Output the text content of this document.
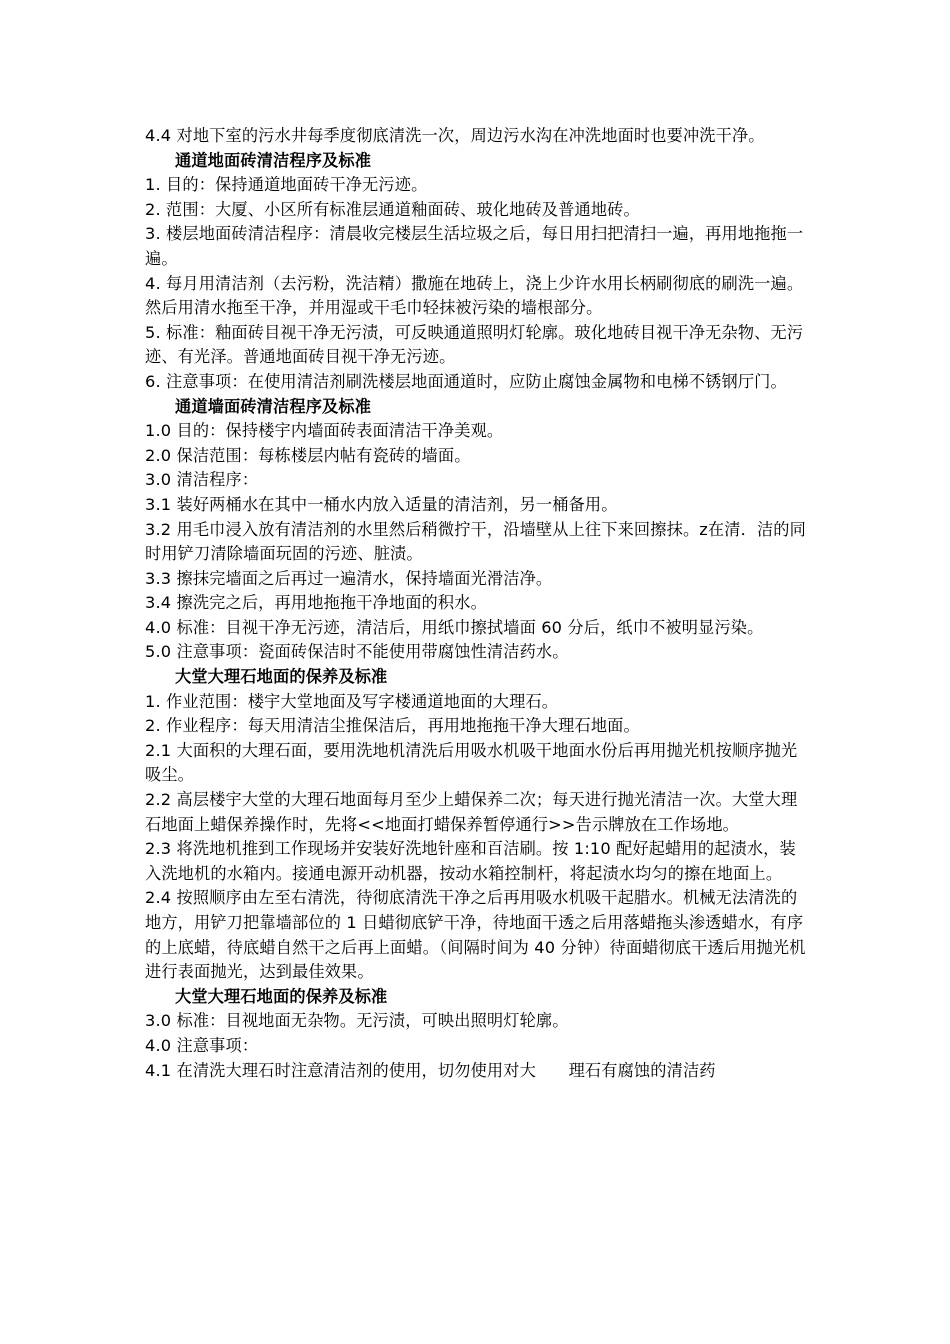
4.4 对地下室的污水井每季度彻底清洗一次，周边污水沟在冲洗地面时也要冲洗干净。

通道地面砖清洁程序及标准

1. 目的：保持通道地面砖干净无污迹。

2. 范围：大厦、小区所有标准层通道釉面砖、玻化地砖及普通地砖。

3. 楼层地面砖清洁程序：清晨收完楼层生活垃圾之后，每日用扫把清扫一遍，再用地拖拖一遍。

4. 每月用清洁剂（去污粉，洗洁精）撒施在地砖上，浇上少许水用长柄刷彻底的刷洗一遍。然后用清水拖至干净，并用湿或干毛巾轻抹被污染的墙根部分。

5. 标准：釉面砖目视干净无污渍，可反映通道照明灯轮廓。玻化地砖目视干净无杂物、无污迹、有光泽。普通地面砖目视干净无污迹。

6. 注意事项：在使用清洁剂刷洗楼层地面通道时，应防止腐蚀金属物和电梯不锈钢厅门。

通道墙面砖清洁程序及标准

1.0 目的：保持楼宇内墙面砖表面清洁干净美观。

2.0 保洁范围：每栋楼层内帖有瓷砖的墙面。

3.0 清洁程序：

3.1 装好两桶水在其中一桶水内放入适量的清洁剂，另一桶备用。

3.2 用毛巾浸入放有清洁剂的水里然后稍微拧干，沿墙壁从上往下来回擦抹。z在清．洁的同时用铲刀清除墙面玩固的污迹、脏渍。

3.3 擦抹完墙面之后再过一遍清水，保持墙面光滑洁净。

3.4 擦洗完之后，再用地拖拖干净地面的积水。

4.0 标准：目视干净无污迹，清洁后，用纸巾擦拭墙面 60 分后，纸巾不被明显污染。

5.0 注意事项：瓷面砖保洁时不能使用带腐蚀性清洁药水。

大堂大理石地面的保养及标准

1. 作业范围：楼宇大堂地面及写字楼通道地面的大理石。

2. 作业程序：每天用清洁尘推保洁后，再用地拖拖干净大理石地面。

2.1 大面积的大理石面，要用洗地机清洗后用吸水机吸干地面水份后再用抛光机按顺序抛光吸尘。

2.2 高层楼宇大堂的大理石地面每月至少上蜡保养二次；每天进行抛光清洁一次。大堂大理石地面上蜡保养操作时，先将<<地面打蜡保养暂停通行>>告示牌放在工作场地。

2.3 将洗地机推到工作现场并安装好洗地针座和百洁刷。按 1:10 配好起蜡用的起渍水，装入洗地机的水箱内。接通电源开动机器，按动水箱控制杆，将起渍水均匀的擦在地面上。

2.4 按照顺序由左至右清洗，待彻底清洗干净之后再用吸水机吸干起腊水。机械无法清洗的地方，用铲刀把靠墙部位的 1 日蜡彻底铲干净，待地面干透之后用落蜡拖头渗透蜡水，有序的上底蜡，待底蜡自然干之后再上面蜡。（间隔时间为 40 分钟）待面蜡彻底干透后用抛光机进行表面抛光，达到最佳效果。

大堂大理石地面的保养及标准

3.0 标准：目视地面无杂物。无污渍，可映出照明灯轮廓。

4.0 注意事项：

4.1 在清洗大理石时注意清洁剂的使用，切勿使用对大　　理石有腐蚀的清洁药
